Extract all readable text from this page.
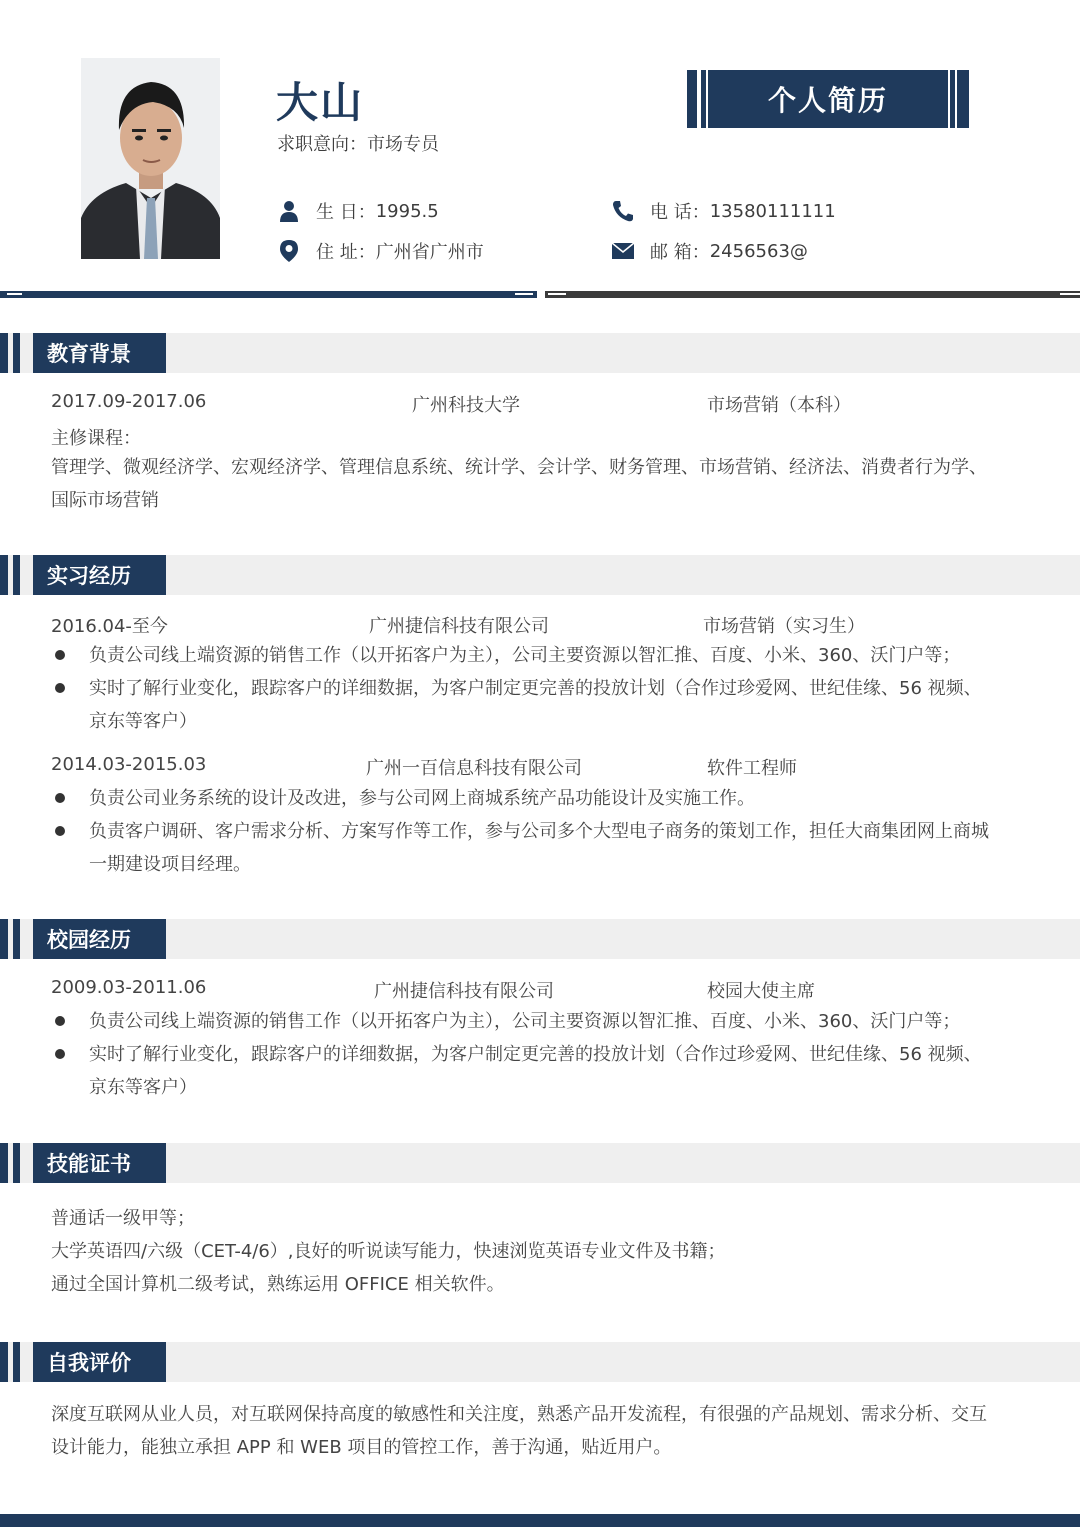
大山
求职意向：市场专员
个人简历
生 日： 1995.5
住 址： 广州省广州市
电 话： 13580111111
邮 箱： 2456563@
教育背景
2017.09-2017.06	广州科技大学	市场营销（本科）
主修课程：
管理学、微观经济学、宏观经济学、管理信息系统、统计学、会计学、财务管理、市场营销、经济法、消费者行为学、国际市场营销
实习经历
2016.04-至今	广州捷信科技有限公司	市场营销（实习生）
负责公司线上端资源的销售工作（以开拓客户为主），公司主要资源以智汇推、百度、小米、360、沃门户等；
实时了解行业变化，跟踪客户的详细数据，为客户制定更完善的投放计划（合作过珍爱网、世纪佳缘、56 视频、京东等客户）
2014.03-2015.03	广州一百信息科技有限公司	软件工程师
负责公司业务系统的设计及改进，参与公司网上商城系统产品功能设计及实施工作。
负责客户调研、客户需求分析、方案写作等工作，参与公司多个大型电子商务的策划工作，担任大商集团网上商城一期建设项目经理。
校园经历
2009.03-2011.06	广州捷信科技有限公司	校园大使主席
负责公司线上端资源的销售工作（以开拓客户为主），公司主要资源以智汇推、百度、小米、360、沃门户等；
实时了解行业变化，跟踪客户的详细数据，为客户制定更完善的投放计划（合作过珍爱网、世纪佳缘、56 视频、京东等客户）
技能证书
普通话一级甲等；
大学英语四/六级（CET-4/6）,良好的听说读写能力，快速浏览英语专业文件及书籍；
通过全国计算机二级考试，熟练运用 OFFICE 相关软件。
自我评价
深度互联网从业人员，对互联网保持高度的敏感性和关注度，熟悉产品开发流程，有很强的产品规划、需求分析、交互设计能力，能独立承担 APP 和 WEB 项目的管控工作，善于沟通，贴近用户。
